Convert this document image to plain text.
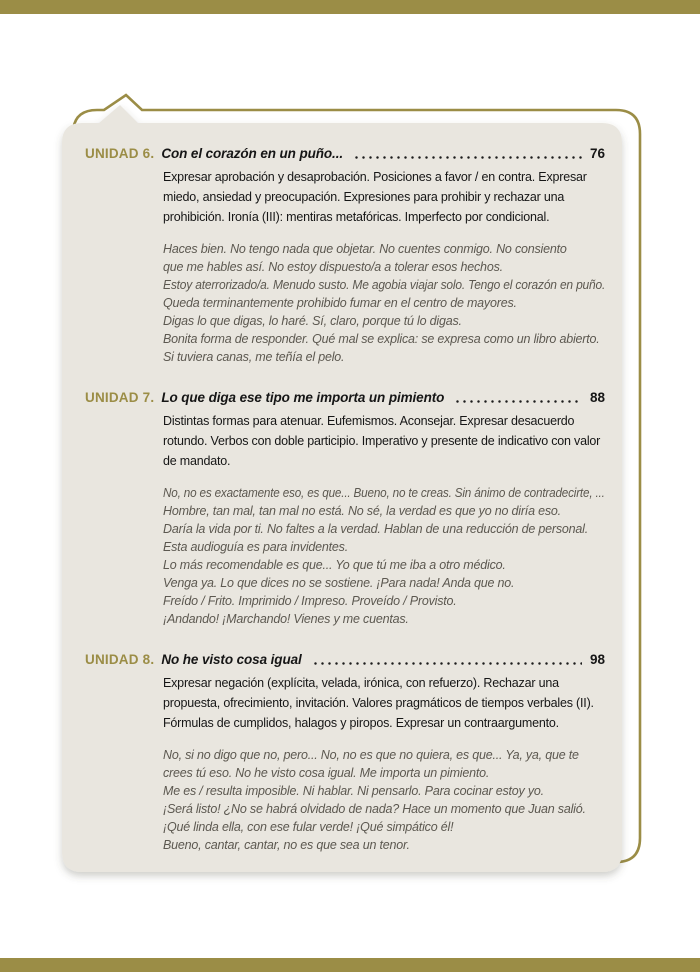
UNIDAD 6. Con el corazón en un puño...	76

Expresar aprobación y desaprobación. Posiciones a favor / en contra. Expresar miedo, ansiedad y preocupación. Expresiones para prohibir y rechazar una prohibición. Ironía (III): mentiras metafóricas. Imperfecto por condicional.

Haces bien. No tengo nada que objetar. No cuentes conmigo. No consiento
que me hables así. No estoy dispuesto/a a tolerar esos hechos.
Estoy aterrorizado/a. Menudo susto. Me agobia viajar solo. Tengo el corazón en puño.
Queda terminantemente prohibido fumar en el centro de mayores.
Digas lo que digas, lo haré. Sí, claro, porque tú lo digas.
Bonita forma de responder. Qué mal se explica: se expresa como un libro abierto.
Si tuviera canas, me teñía el pelo.
UNIDAD 7. Lo que diga ese tipo me importa un pimiento	88

Distintas formas para atenuar. Eufemismos. Aconsejar. Expresar desacuerdo rotundo. Verbos con doble participio. Imperativo y presente de indicativo con valor de mandato.

No, no es exactamente eso, es que... Bueno, no te creas. Sin ánimo de contradecirte, ...
Hombre, tan mal, tan mal no está. No sé, la verdad es que yo no diría eso.
Daría la vida por ti. No faltes a la verdad. Hablan de una reducción de personal.
Esta audioguía es para invidentes.
Lo más recomendable es que... Yo que tú me iba a otro médico.
Venga ya. Lo que dices no se sostiene. ¡Para nada! Anda que no.
Freído / Frito. Imprimido / Impreso. Proveído / Provisto.
¡Andando! ¡Marchando! Vienes y me cuentas.
UNIDAD 8. No he visto cosa igual	98

Expresar negación (explícita, velada, irónica, con refuerzo). Rechazar una propuesta, ofrecimiento, invitación. Valores pragmáticos de tiempos verbales (II). Fórmulas de cumplidos, halagos y piropos. Expresar un contraargumento.

No, si no digo que no, pero... No, no es que no quiera, es que... Ya, ya, que te
crees tú eso. No he visto cosa igual. Me importa un pimiento.
Me es / resulta imposible. Ni hablar. Ni pensarlo. Para cocinar estoy yo.
¡Será listo! ¿No se habrá olvidado de nada? Hace un momento que Juan salió.
¡Qué linda ella, con ese fular verde! ¡Qué simpático él!
Bueno, cantar, cantar, no es que sea un tenor.
